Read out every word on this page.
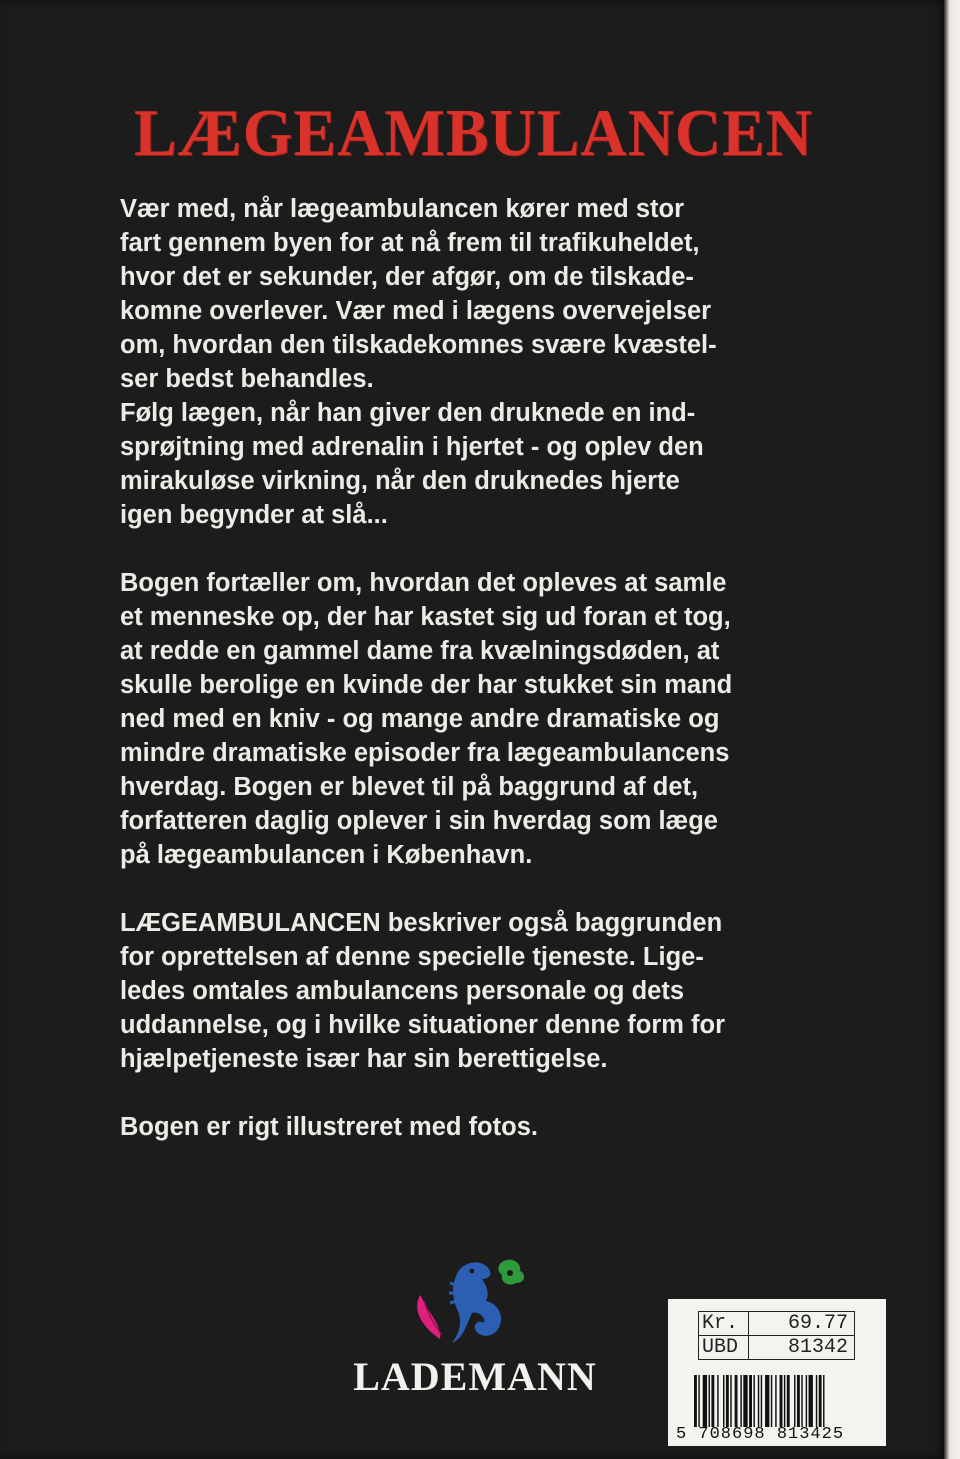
LÆGEAMBULANCEN
Vær med, når lægeambulancen kører med stor
fart gennem byen for at nå frem til trafikuheldet,
hvor det er sekunder, der afgør, om de tilskade-
komne overlever. Vær med i lægens overvejelser
om, hvordan den tilskadekomnes svære kvæstel-
ser bedst behandles.
Følg lægen, når han giver den druknede en ind-
sprøjtning med adrenalin i hjertet - og oplev den
mirakuløse virkning, når den druknedes hjerte
igen begynder at slå...
Bogen fortæller om, hvordan det opleves at samle
et menneske op, der har kastet sig ud foran et tog,
at redde en gammel dame fra kvælningsdøden, at
skulle berolige en kvinde der har stukket sin mand
ned med en kniv - og mange andre dramatiske og
mindre dramatiske episoder fra lægeambulancens
hverdag. Bogen er blevet til på baggrund af det,
forfatteren daglig oplever i sin hverdag som læge
på lægeambulancen i København.
LÆGEAMBULANCEN beskriver også baggrunden
for oprettelsen af denne specielle tjeneste. Lige-
ledes omtales ambulancens personale og dets
uddannelse, og i hvilke situationer denne form for
hjælpetjeneste især har sin berettigelse.
Bogen er rigt illustreret med fotos.
LADEMANN
Kr.	69.77
UBD	81342
5 708698 813425
